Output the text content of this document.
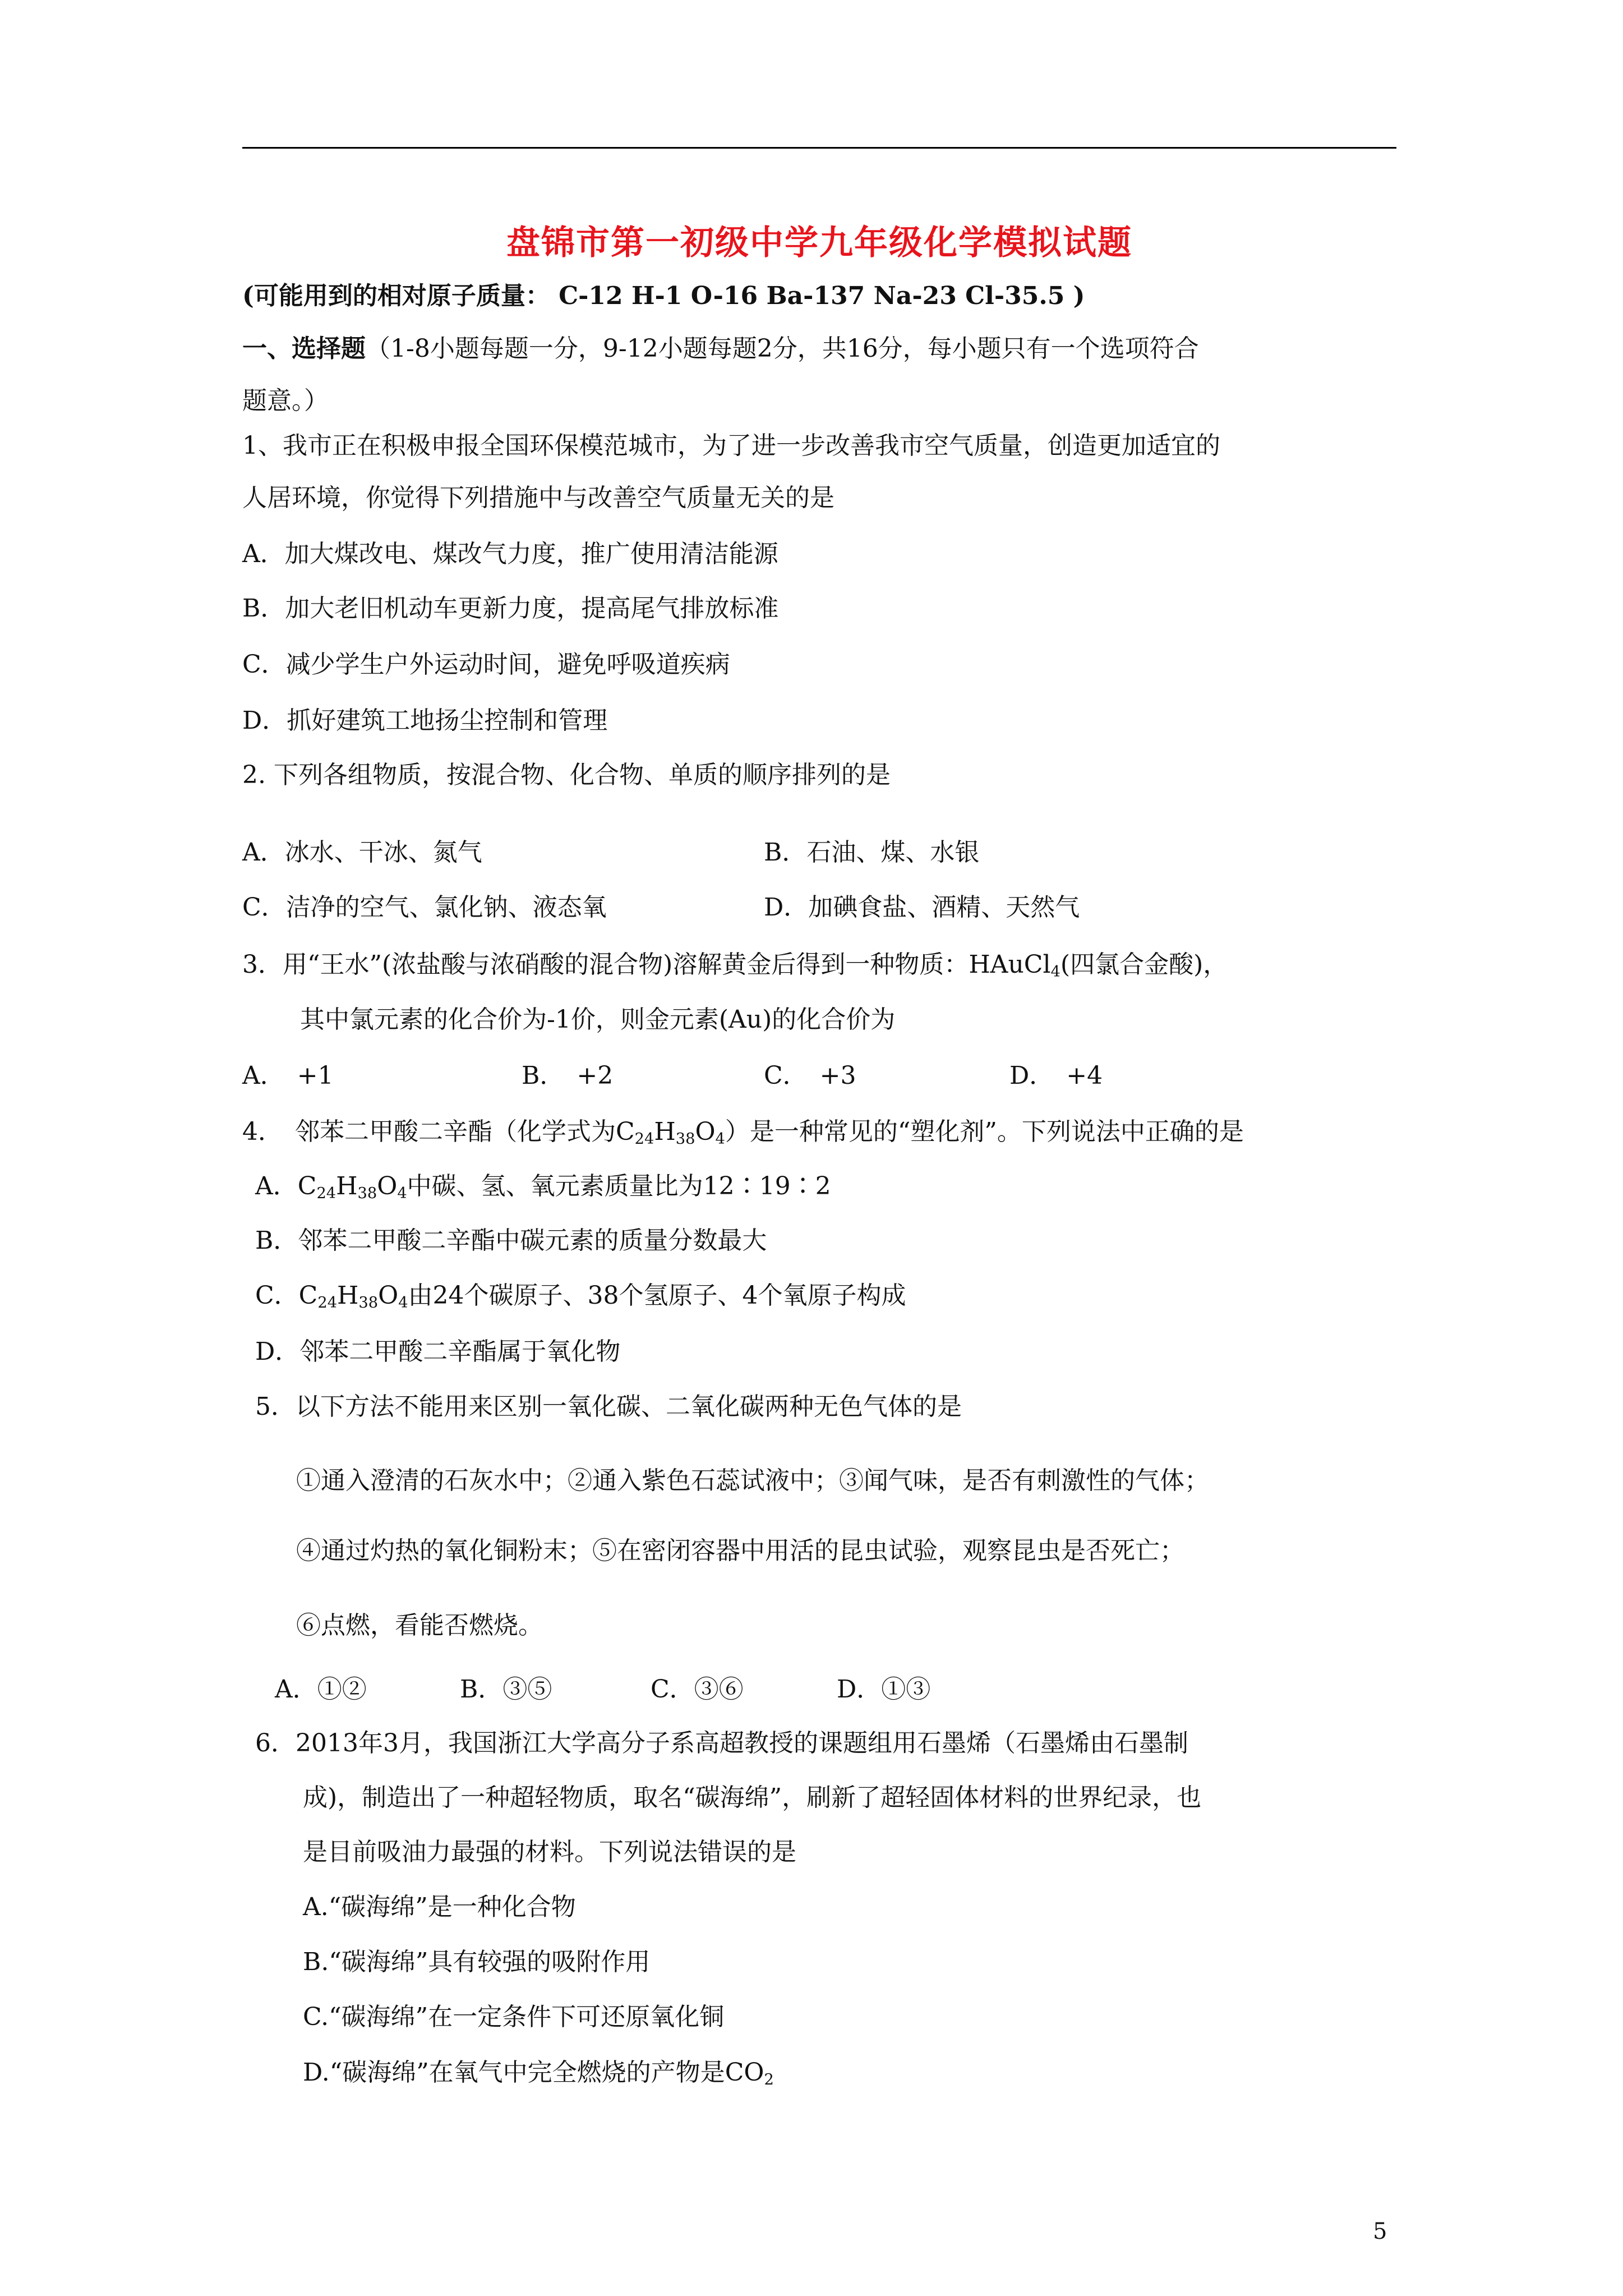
盘锦市第一初级中学九年级化学模拟试题
(可能用到的相对原子质量： C-12 H-1 O-16 Ba-137 Na-23 Cl-35.5 )
一、选择题（1-8小题每题一分，9-12小题每题2分，共16分，每小题只有一个选项符合
题意。）
1、我市正在积极申报全国环保模范城市，为了进一步改善我市空气质量，创造更加适宜的
人居环境，你觉得下列措施中与改善空气质量无关的是
A．加大煤改电、煤改气力度，推广使用清洁能源
B．加大老旧机动车更新力度，提高尾气排放标准
C．减少学生户外运动时间，避免呼吸道疾病
D．抓好建筑工地扬尘控制和管理
2. 下列各组物质，按混合物、化合物、单质的顺序排列的是
A．冰水、干冰、氮气	B．石油、煤、水银
C．洁净的空气、氯化钠、液态氧	D．加碘食盐、酒精、天然气
3．用“王水”(浓盐酸与浓硝酸的混合物)溶解黄金后得到一种物质：HAuCl$_4$(四氯合金酸)，
其中氯元素的化合价为-1价，则金元素(Au)的化合价为
A．　+1	B．　+2	C．　+3	D．　+4
4．　邻苯二甲酸二辛酯（化学式为$C_{24}H_{38}O_4$）是一种常见的“塑化剂”。下列说法中正确的是
A．$C_{24}H_{38}O_4$中碳、氢、氧元素质量比为12∶19∶2
B．邻苯二甲酸二辛酯中碳元素的质量分数最大
C．$C_{24}H_{38}O_4$由24个碳原子、38个氢原子、4个氧原子构成
D．邻苯二甲酸二辛酯属于氧化物
5．以下方法不能用来区别一氧化碳、二氧化碳两种无色气体的是
①通入澄清的石灰水中；②通入紫色石蕊试液中；③闻气味，是否有刺激性的气体；
④通过灼热的氧化铜粉末；⑤在密闭容器中用活的昆虫试验，观察昆虫是否死亡；
⑥点燃，看能否燃烧。
A．①②	B．③⑤	C．③⑥	D．①③
6．2013年3月，我国浙江大学高分子系高超教授的课题组用石墨烯（石墨烯由石墨制
成)，制造出了一种超轻物质，取名“碳海绵”，刷新了超轻固体材料的世界纪录，也
是目前吸油力最强的材料。下列说法错误的是
A.“碳海绵”是一种化合物
B.“碳海绵”具有较强的吸附作用
C.“碳海绵”在一定条件下可还原氧化铜
D.“碳海绵”在氧气中完全燃烧的产物是$CO_2$
5
